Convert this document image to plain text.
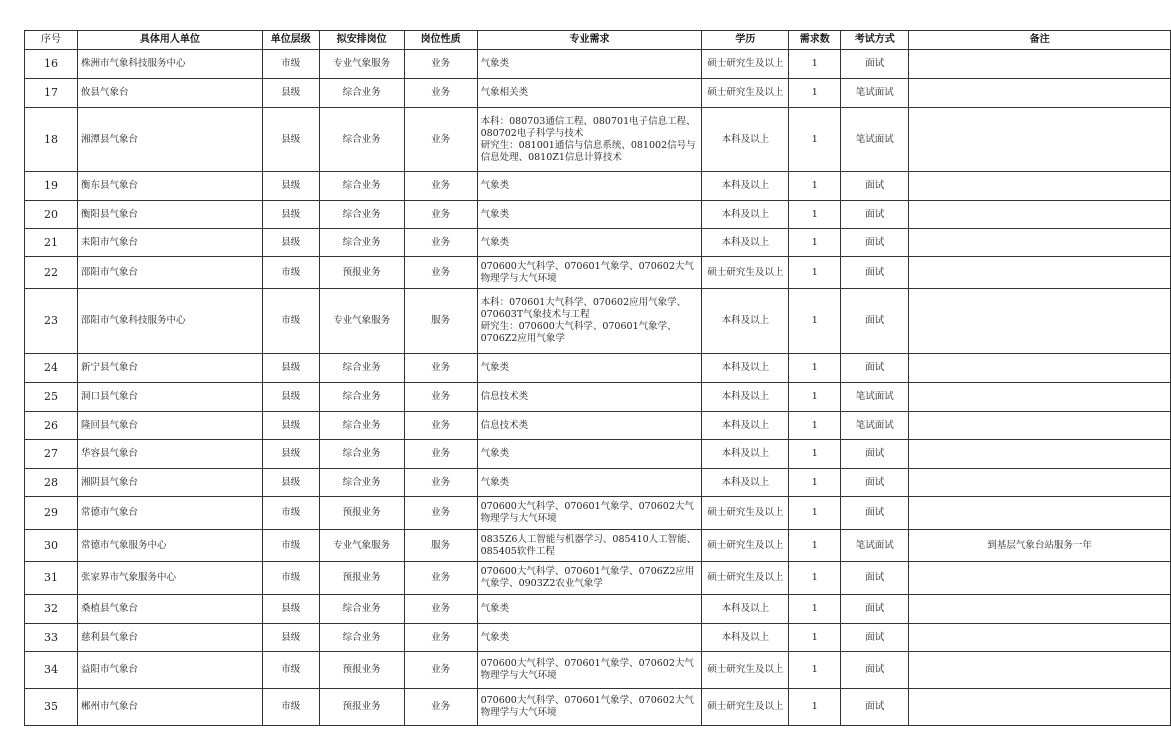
序号	具体用人单位	单位层级	拟安排岗位	岗位性质	专业需求	学历	需求数	考试方式	备注
16	株洲市气象科技服务中心	市级	专业气象服务	业务	气象类	硕士研究生及以上	1	面试	
17	攸县气象台	县级	综合业务	业务	气象相关类	硕士研究生及以上	1	笔试面试	
18	湘潭县气象台	县级	综合业务	业务	本科：080703通信工程、080701电子信息工程、080702电子科学与技术
研究生：081001通信与信息系统、081002信号与信息处理、0810Z1信息计算技术	本科及以上	1	笔试面试	
19	衡东县气象台	县级	综合业务	业务	气象类	本科及以上	1	面试	
20	衡阳县气象台	县级	综合业务	业务	气象类	本科及以上	1	面试	
21	耒阳市气象台	县级	综合业务	业务	气象类	本科及以上	1	面试	
22	邵阳市气象台	市级	预报业务	业务	070600大气科学、070601气象学、070602大气物理学与大气环境	硕士研究生及以上	1	面试	
23	邵阳市气象科技服务中心	市级	专业气象服务	服务	本科：070601大气科学、070602应用气象学、070603T气象技术与工程
研究生：070600大气科学、070601气象学、0706Z2应用气象学	本科及以上	1	面试	
24	新宁县气象台	县级	综合业务	业务	气象类	本科及以上	1	面试	
25	洞口县气象台	县级	综合业务	业务	信息技术类	本科及以上	1	笔试面试	
26	隆回县气象台	县级	综合业务	业务	信息技术类	本科及以上	1	笔试面试	
27	华容县气象台	县级	综合业务	业务	气象类	本科及以上	1	面试	
28	湘阴县气象台	县级	综合业务	业务	气象类	本科及以上	1	面试	
29	常德市气象台	市级	预报业务	业务	070600大气科学、070601气象学、070602大气物理学与大气环境	硕士研究生及以上	1	面试	
30	常德市气象服务中心	市级	专业气象服务	服务	0835Z6人工智能与机器学习、085410人工智能、085405软件工程	硕士研究生及以上	1	笔试面试	到基层气象台站服务一年
31	张家界市气象服务中心	市级	预报业务	业务	070600大气科学、070601气象学、0706Z2应用气象学、0903Z2农业气象学	硕士研究生及以上	1	面试	
32	桑植县气象台	县级	综合业务	业务	气象类	本科及以上	1	面试	
33	慈利县气象台	县级	综合业务	业务	气象类	本科及以上	1	面试	
34	益阳市气象台	市级	预报业务	业务	070600大气科学、070601气象学、070602大气物理学与大气环境	硕士研究生及以上	1	面试	
35	郴州市气象台	市级	预报业务	业务	070600大气科学、070601气象学、070602大气物理学与大气环境	硕士研究生及以上	1	面试	
